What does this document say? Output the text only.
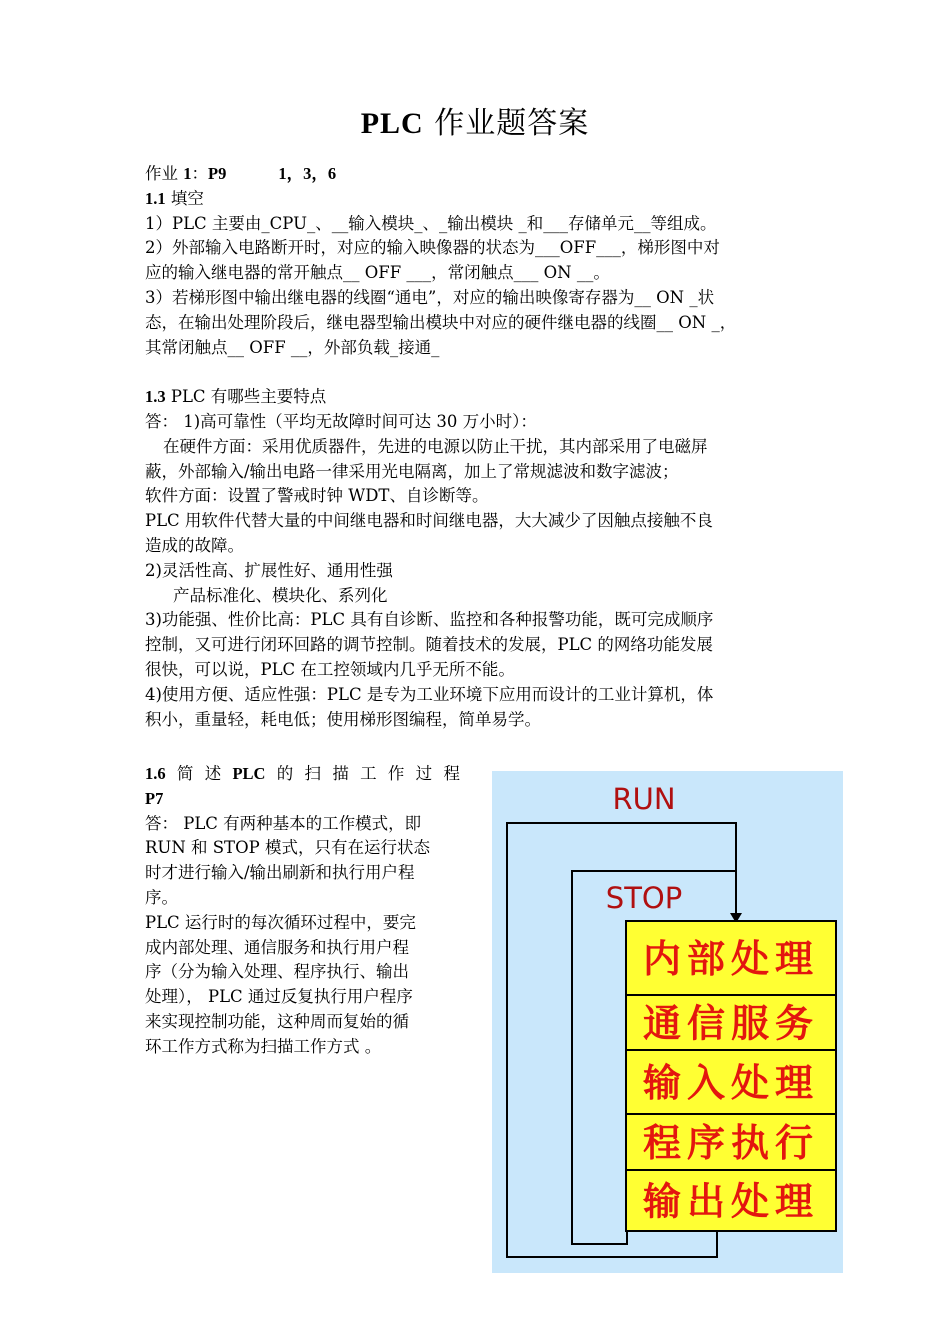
PLC 作业题答案

作业 1：P9	1，3，6

1.1 填空

1）PLC 主要由_CPU_、__输入模块_、_输出模块 _和___存储单元__等组成。

2）外部输入电路断开时，对应的输入映像器的状态为___OFF___，梯形图中对

应的输入继电器的常开触点__ OFF ___，常闭触点___ ON __。

3）若梯形图中输出继电器的线圈“通电”，对应的输出映像寄存器为__ ON _状

态，在输出处理阶段后，继电器型输出模块中对应的硬件继电器的线圈__ ON _，

其常闭触点__ OFF __，外部负载_接通_

1.3 PLC 有哪些主要特点

答： 1)高可靠性（平均无故障时间可达 30 万小时）：

在硬件方面：采用优质器件，先进的电源以防止干扰，其内部采用了电磁屏

蔽，外部输入/输出电路一律采用光电隔离，加上了常规滤波和数字滤波；

软件方面：设置了警戒时钟 WDT、自诊断等。

PLC 用软件代替大量的中间继电器和时间继电器，大大减少了因触点接触不良

造成的故障。

2)灵活性高、扩展性好、通用性强

产品标准化、模块化、系列化

3)功能强、性价比高：PLC 具有自诊断、监控和各种报警功能，既可完成顺序

控制，又可进行闭环回路的调节控制。随着技术的发展，PLC 的网络功能发展

很快，可以说，PLC 在工控领域内几乎无所不能。

4)使用方便、适应性强：PLC 是专为工业环境下应用而设计的工业计算机，体

积小，重量轻，耗电低；使用梯形图编程，简单易学。

1.6 简 述 PLC 的 扫 描 工 作 过 程

P7

答： PLC 有两种基本的工作模式，即

RUN 和 STOP 模式，只有在运行状态

时才进行输入/输出刷新和执行用户程

序。

PLC 运行时的每次循环过程中，要完

成内部处理、通信服务和执行用户程

序（分为输入处理、程序执行、输出

处理）， PLC 通过反复执行用户程序

来实现控制功能，这种周而复始的循

环工作方式称为扫描工作方式 。

RUN
STOP
内部处理
通信服务
输入处理
程序执行
输出处理
